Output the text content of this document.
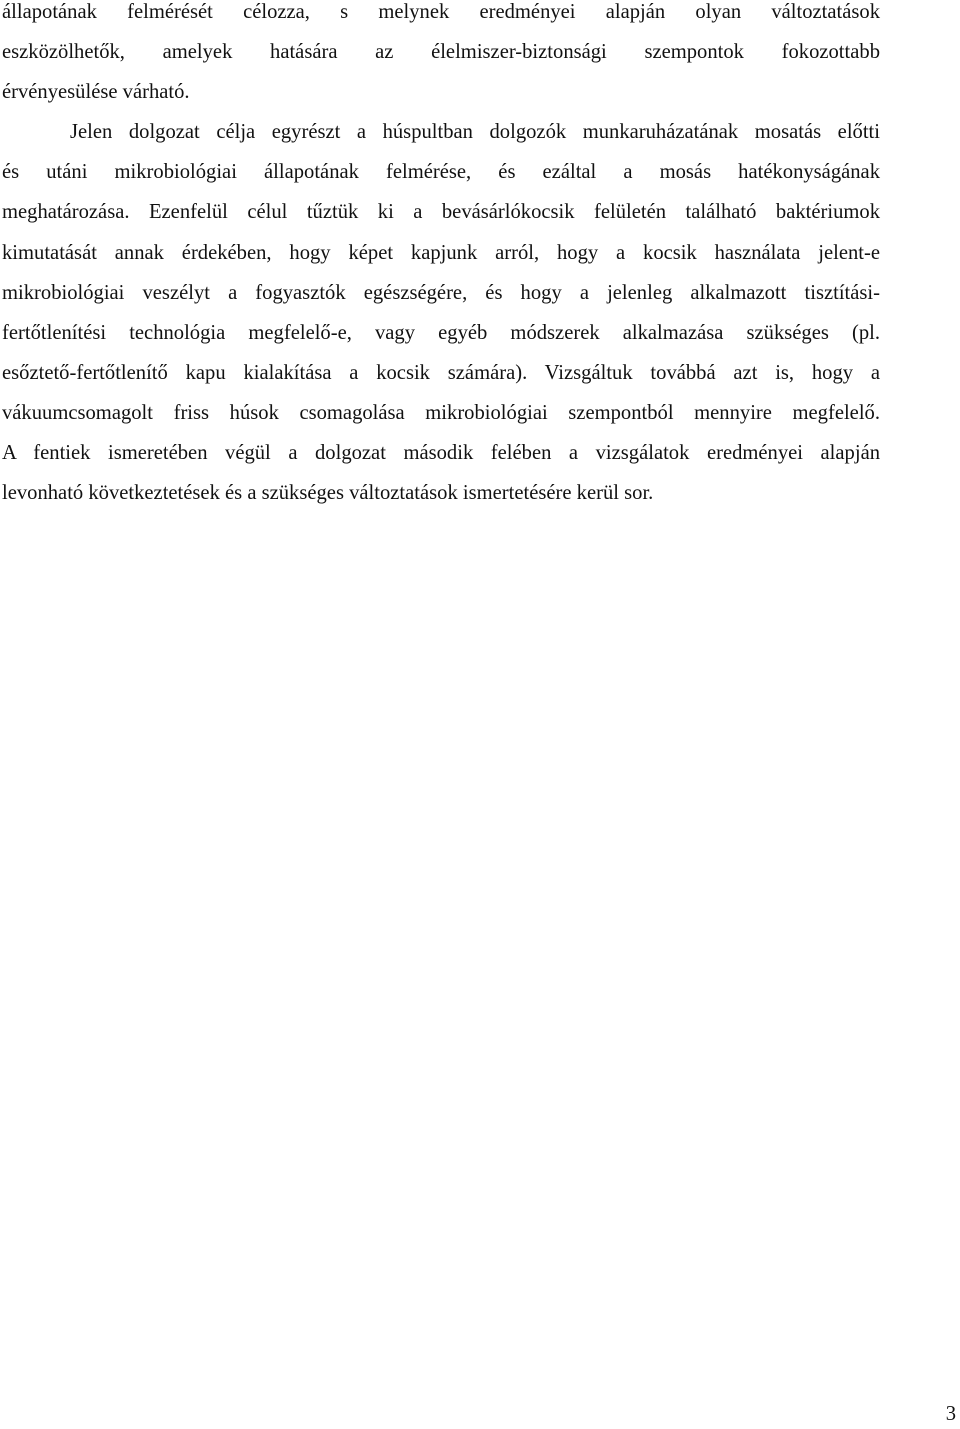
állapotának felmérését célozza, s melynek eredményei alapján olyan változtatások
eszközölhetők, amelyek hatására az élelmiszer-biztonsági szempontok fokozottabb
érvényesülése várható.
Jelen dolgozat célja egyrészt a húspultban dolgozók munkaruházatának mosatás előtti
és utáni mikrobiológiai állapotának felmérése, és ezáltal a mosás hatékonyságának
meghatározása. Ezenfelül célul tűztük ki a bevásárlókocsik felületén található baktériumok
kimutatását annak érdekében, hogy képet kapjunk arról, hogy a kocsik használata jelent-e
mikrobiológiai veszélyt a fogyasztók egészségére, és hogy a jelenleg alkalmazott tisztítási-
fertőtlenítési technológia megfelelő-e, vagy egyéb módszerek alkalmazása szükséges (pl.
esőztető-fertőtlenítő kapu kialakítása a kocsik számára). Vizsgáltuk továbbá azt is, hogy a
vákuumcsomagolt friss húsok csomagolása mikrobiológiai szempontból mennyire megfelelő.
A fentiek ismeretében végül a dolgozat második felében a vizsgálatok eredményei alapján
levonható következtetések és a szükséges változtatások ismertetésére kerül sor.
3
